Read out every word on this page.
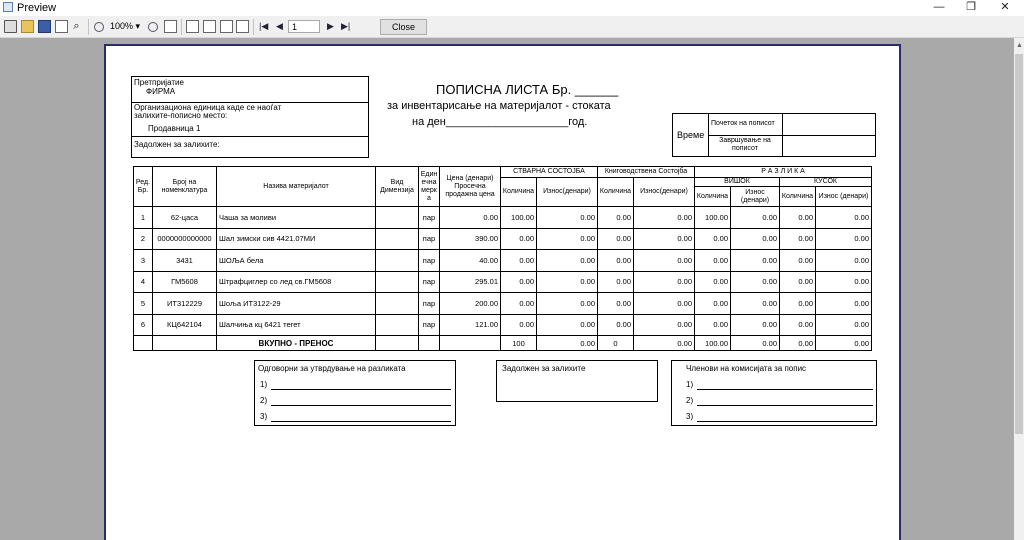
Preview	—	❐	✕
⌕	100% ▾	|◀ ◀	1	▶ ▶|	Close
Претпријатие
ФИРМА
Организациона единица каде се наоѓат
залихите-пописно место:
Продавница 1
Задолжен за залихите:
ПОПИСНА ЛИСТА Бр. ______
за инвентарисање на материјалот - стоката
на ден____________________год.
Време
Почеток на пописот
Завршување на пописот
Ред. Бр.	Број на номенклатура	Назива материјалот	Вид Димензија	Един ечна мерк а	Цена (денари) Просечна продажна цена	СТВАРНА СОСТОЈБА		Книговодствена Состојба		Р А З Л И К А			
						Количина	Износ(денари)	Количина	Износ(денари)	ВИШОК		КУСОК	
										Количина	Износ (денари)	Количина	Износ (денари)
1	62-цаса	Чаша за моливи		пар	0.00	100.00	0.00	0.00	0.00	100.00	0.00	0.00	0.00
2	0000000000000	Шал зимски сив 4421.07МИ		пар	390.00	0.00	0.00	0.00	0.00	0.00	0.00	0.00	0.00
3	3431	ШОЉА бела		пар	40.00	0.00	0.00	0.00	0.00	0.00	0.00	0.00	0.00
4	ГМ5608	Штрафциглер со лед св.ГМ5608		пар	295.01	0.00	0.00	0.00	0.00	0.00	0.00	0.00	0.00
5	ИТ312229	Шоља ИТ3122-29		пар	200.00	0.00	0.00	0.00	0.00	0.00	0.00	0.00	0.00
6	КЦ642104	Шалчиња кц 6421 тегет		пар	121.00	0.00	0.00	0.00	0.00	0.00	0.00	0.00	0.00
		ВКУПНО - ПРЕНОС				100	0.00	0	0.00	100.00	0.00	0.00	0.00
Одговорни за утврдување на разликата
1)
2)
3)
Задолжен за залихите	Членови на комисијата за попис
1)
2)
3)
▲
